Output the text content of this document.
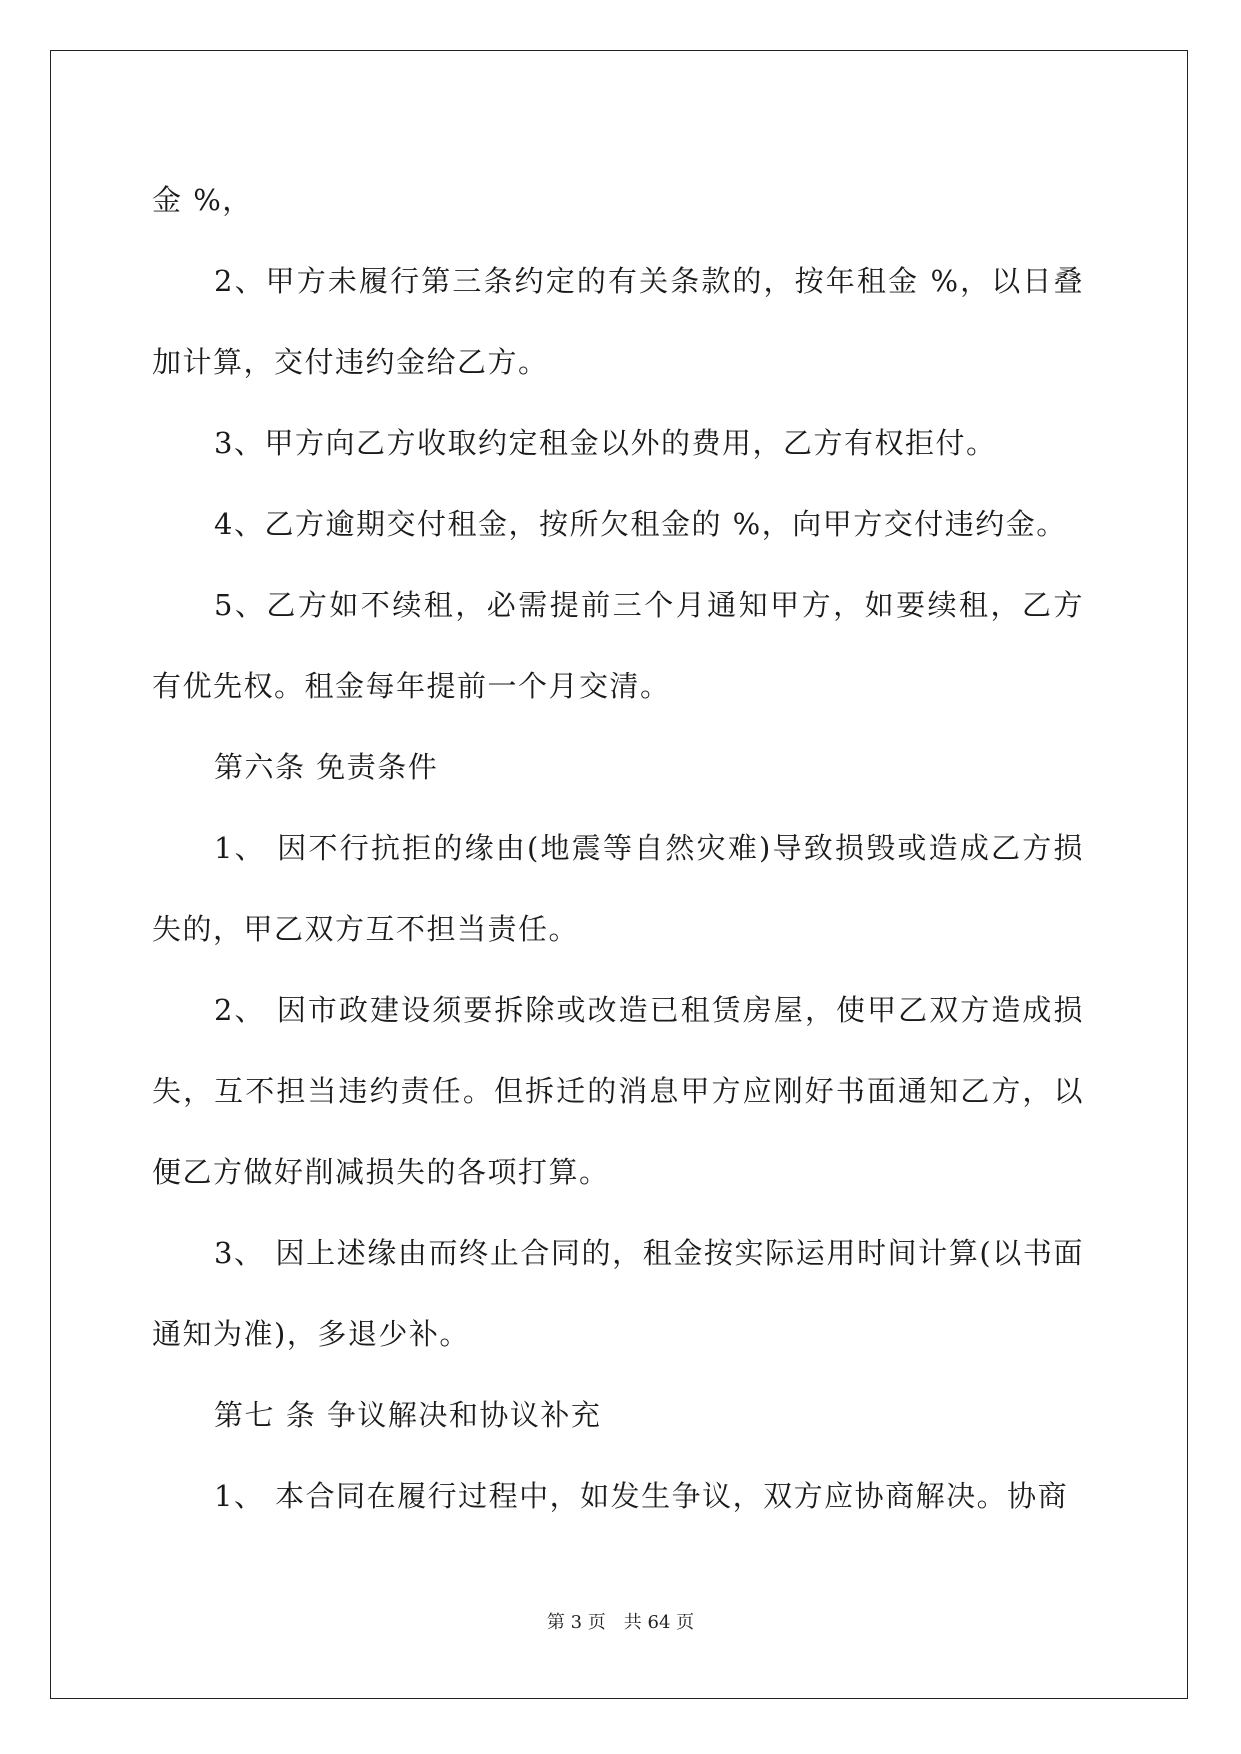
金 %，

2、甲方未履行第三条约定的有关条款的，按年租金 %，以日叠加计算，交付违约金给乙方。

3、甲方向乙方收取约定租金以外的费用，乙方有权拒付。

4、乙方逾期交付租金，按所欠租金的 %，向甲方交付违约金。

5、乙方如不续租，必需提前三个月通知甲方，如要续租，乙方有优先权。租金每年提前一个月交清。

第六条 免责条件

1、 因不行抗拒的缘由(地震等自然灾难)导致损毁或造成乙方损失的，甲乙双方互不担当责任。

2、 因市政建设须要拆除或改造已租赁房屋，使甲乙双方造成损失，互不担当违约责任。但拆迁的消息甲方应刚好书面通知乙方，以便乙方做好削减损失的各项打算。

3、 因上述缘由而终止合同的，租金按实际运用时间计算(以书面通知为准)，多退少补。

第七 条 争议解决和协议补充

1、 本合同在履行过程中，如发生争议，双方应协商解决。协商

第 3 页　共 64 页
